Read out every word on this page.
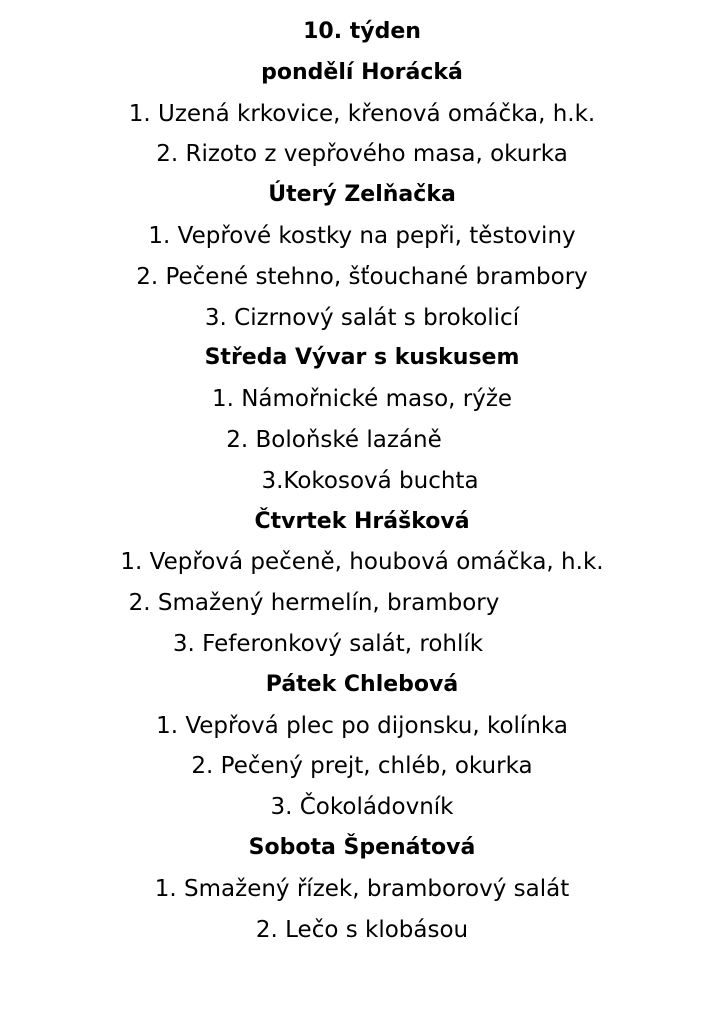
10. týden
pondělí Horácká
1. Uzená krkovice, křenová omáčka, h.k.
2. Rizoto z vepřového masa, okurka
Úterý Zelňačka
1. Vepřové kostky na pepři, těstoviny
2. Pečené stehno, šťouchané brambory
3. Cizrnový salát s brokolicí
Středa Vývar s kuskusem
1. Námořnické maso, rýže
2. Boloňské lazáně
3.Kokosová buchta
Čtvrtek Hrášková
1. Vepřová pečeně, houbová omáčka, h.k.
2. Smažený hermelín, brambory
3. Feferonkový salát, rohlík
Pátek Chlebová
1. Vepřová plec po dijonsku, kolínka
2. Pečený prejt, chléb, okurka
3. Čokoládovník
Sobota Špenátová
1. Smažený řízek, bramborový salát
2. Lečo s klobásou
